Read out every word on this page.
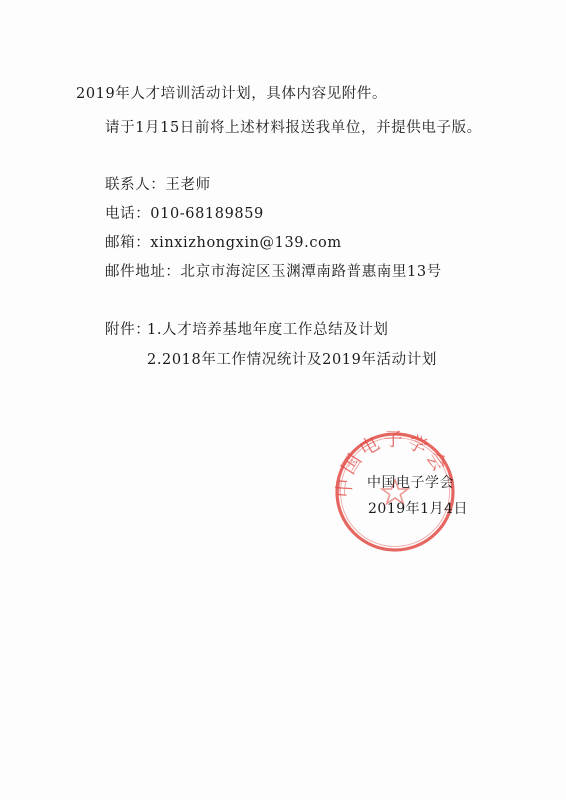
2019年人才培训活动计划，具体内容见附件。
请于1月15日前将上述材料报送我单位，并提供电子版。
联系人：王老师
电话：010-68189859
邮箱：xinxizhongxin@139.com
邮件地址：北京市海淀区玉渊潭南路普惠南里13号
附件：
1.人才培养基地年度工作总结及计划
2.2018年工作情况统计及2019年活动计划
中国电子学会
中国电子学会
2019年1月4日
